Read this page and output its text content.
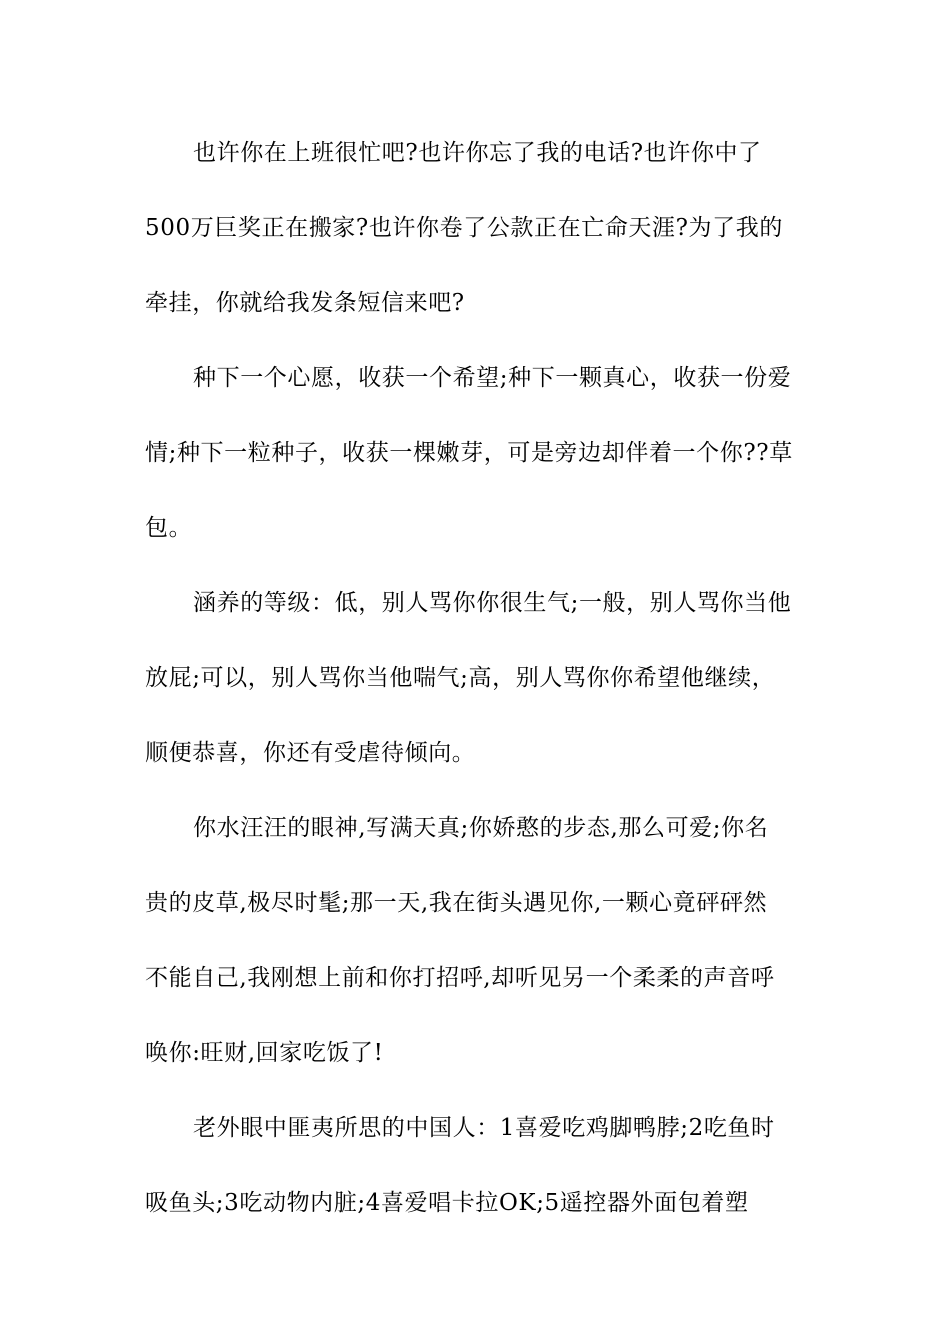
也许你在上班很忙吧?也许你忘了我的电话?也许你中了
500万巨奖正在搬家?也许你卷了公款正在亡命天涯?为了我的
牵挂，你就给我发条短信来吧?
种下一个心愿，收获一个希望;种下一颗真心，收获一份爱
情;种下一粒种子，收获一棵嫩芽，可是旁边却伴着一个你??草
包。
涵养的等级：低，别人骂你你很生气;一般，别人骂你当他
放屁;可以，别人骂你当他喘气;高，别人骂你你希望他继续，
顺便恭喜，你还有受虐待倾向。
你水汪汪的眼神,写满天真;你娇憨的步态,那么可爱;你名
贵的皮草,极尽时髦;那一天,我在街头遇见你,一颗心竟砰砰然
不能自己,我刚想上前和你打招呼,却听见另一个柔柔的声音呼
唤你:旺财,回家吃饭了!
老外眼中匪夷所思的中国人：1喜爱吃鸡脚鸭脖;2吃鱼时
吸鱼头;3吃动物内脏;4喜爱唱卡拉OK;5遥控器外面包着塑
